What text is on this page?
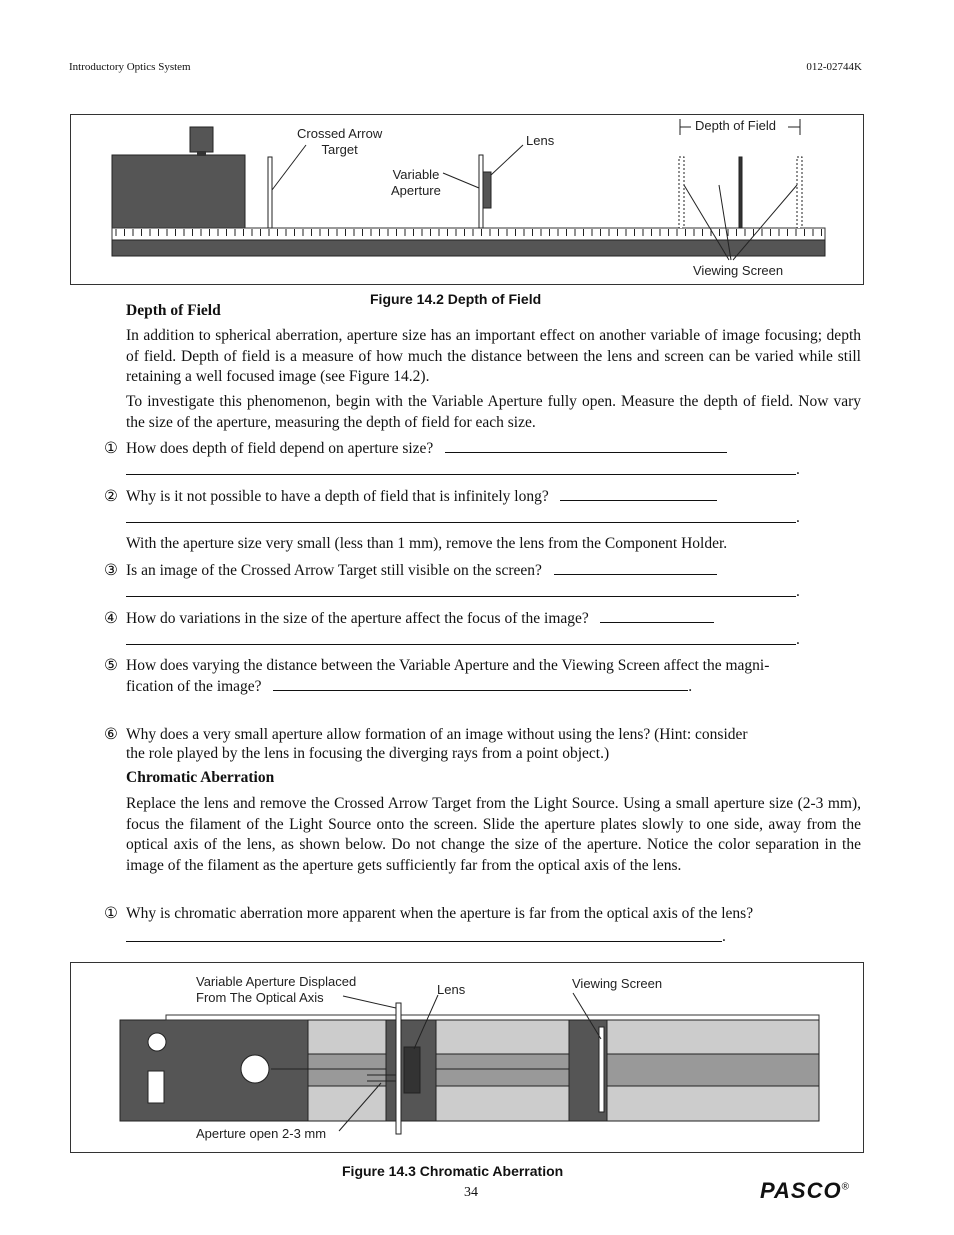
Introductory Optics System	012-02744K
Crossed Arrow
Target
Lens
Variable
Aperture
Depth of Field
Viewing Screen
Figure 14.2 Depth of Field
Depth of Field

In addition to spherical aberration, aperture size has an important effect on another variable of image focusing; depth of field. Depth of field is a measure of how much the distance between the lens and screen can be varied while still retaining a well focused image (see Figure 14.2).

To investigate this phenomenon, begin with the Variable Aperture fully open. Measure the depth of field. Now vary the size of the aperture, measuring the depth of field for each size.

① How does depth of field depend on aperture size?
.
② Why is it not possible to have a depth of field that is infinitely long?
.
With the aperture size very small (less than 1 mm), remove the lens from the Component Holder.
③ Is an image of the Crossed Arrow Target still visible on the screen?
.
④ How do variations in the size of the aperture affect the focus of the image?
.
⑤ How does varying the distance between the Variable Aperture and the Viewing Screen affect the magni-
fication of the image?	.
⑥ Why does a very small aperture allow formation of an image without using the lens? (Hint: consider
the role played by the lens in focusing the diverging rays from a point object.)
Chromatic Aberration

Replace the lens and remove the Crossed Arrow Target from the Light Source. Using a small aperture size (2-3 mm), focus the filament of the Light Source onto the screen. Slide the aperture plates slowly to one side, away from the optical axis of the lens, as shown below. Do not change the size of the aperture. Notice the color separation in the image of the filament as the aperture gets sufficiently far from the optical axis of the lens.

① Why is chromatic aberration more apparent when the aperture is far from the optical axis of the lens?
.
Variable Aperture Displaced
From The Optical Axis
Lens	Viewing Screen
Aperture open 2-3 mm
Figure 14.3 Chromatic Aberration
34	PASCO®
